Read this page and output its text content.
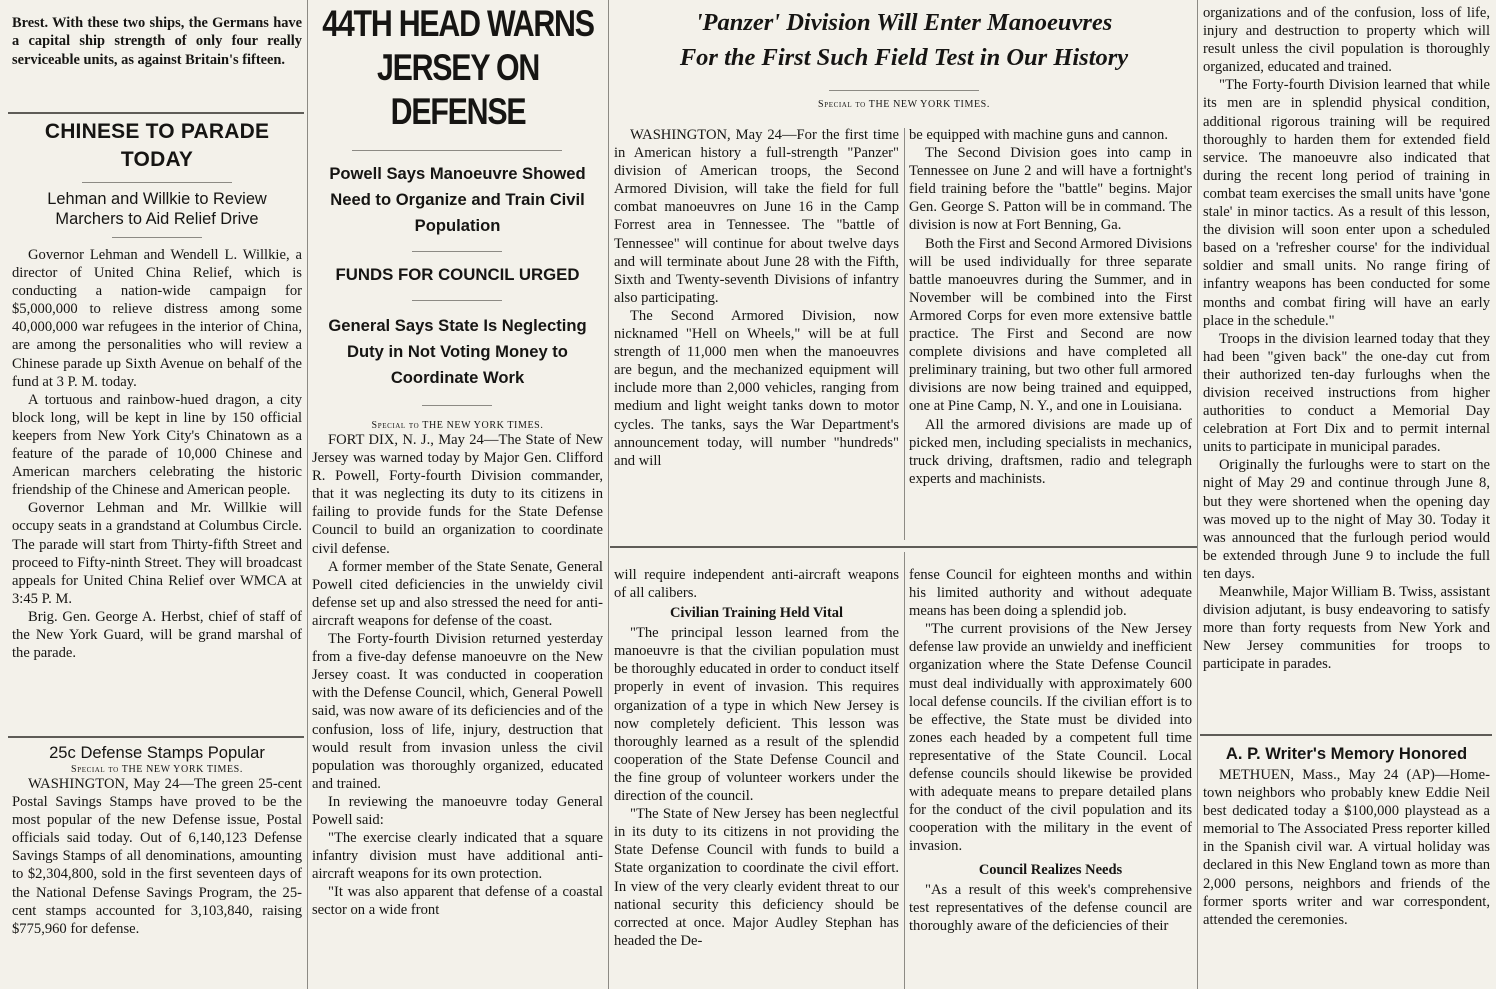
Brest. With these two ships, the Germans have a capital ship strength of only four really serviceable units, as against Britain's fifteen.

CHINESE TO PARADE TODAY
Lehman and Willkie to Review Marchers to Aid Relief Drive

Governor Lehman and Wendell L. Willkie, a director of United China Relief, which is conducting a nation-wide campaign for $5,000,000 to relieve distress among some 40,000,000 war refugees in the interior of China, are among the personalities who will review a Chinese parade up Sixth Avenue on behalf of the fund at 3 P. M. today.

A tortuous and rainbow-hued dragon, a city block long, will be kept in line by 150 official keepers from New York City's Chinatown as a feature of the parade of 10,000 Chinese and American marchers celebrating the historic friendship of the Chinese and American people.

Governor Lehman and Mr. Willkie will occupy seats in a grandstand at Columbus Circle. The parade will start from Thirty-fifth Street and proceed to Fifty-ninth Street. They will broadcast appeals for United China Relief over WMCA at 3:45 P. M.

Brig. Gen. George A. Herbst, chief of staff of the New York Guard, will be grand marshal of the parade.

25c Defense Stamps Popular

Special to THE NEW YORK TIMES.

WASHINGTON, May 24—The green 25-cent Postal Savings Stamps have proved to be the most popular of the new Defense issue, Postal officials said today. Out of 6,140,123 Defense Savings Stamps of all denominations, amounting to $2,304,800, sold in the first seventeen days of the National Defense Savings Program, the 25-cent stamps accounted for 3,103,840, raising $775,960 for defense.

44TH HEAD WARNS JERSEY ON DEFENSE
Powell Says Manoeuvre Showed Need to Organize and Train Civil Population
FUNDS FOR COUNCIL URGED
General Says State Is Neglecting Duty in Not Voting Money to Coordinate Work

Special to THE NEW YORK TIMES.

FORT DIX, N. J., May 24—The State of New Jersey was warned today by Major Gen. Clifford R. Powell, Forty-fourth Division commander, that it was neglecting its duty to its citizens in failing to provide funds for the State Defense Council to build an organization to coordinate civil defense.

A former member of the State Senate, General Powell cited deficiencies in the unwieldy civil defense set up and also stressed the need for anti-aircraft weapons for defense of the coast.

The Forty-fourth Division returned yesterday from a five-day defense manoeuvre on the New Jersey coast. It was conducted in cooperation with the Defense Council, which, General Powell said, was now aware of its deficiencies and of the confusion, loss of life, injury, destruction that would result from invasion unless the civil population was thoroughly organized, educated and trained.

In reviewing the manoeuvre today General Powell said:

"The exercise clearly indicated that a square infantry division must have additional anti-aircraft weapons for its own protection.

"It was also apparent that defense of a coastal sector on a wide front

'Panzer' Division Will Enter Manoeuvres
For the First Such Field Test in Our History

Special to THE NEW YORK TIMES.

WASHINGTON, May 24—For the first time in American history a full-strength "Panzer" division of American troops, the Second Armored Division, will take the field for full combat manoeuvres on June 16 in the Camp Forrest area in Tennessee. The "battle of Tennessee" will continue for about twelve days and will terminate about June 28 with the Fifth, Sixth and Twenty-seventh Divisions of infantry also participating.

The Second Armored Division, now nicknamed "Hell on Wheels," will be at full strength of 11,000 men when the manoeuvres are begun, and the mechanized equipment will include more than 2,000 vehicles, ranging from medium and light weight tanks down to motor cycles. The tanks, says the War Department's announcement today, will number "hundreds" and will

be equipped with machine guns and cannon.

The Second Division goes into camp in Tennessee on June 2 and will have a fortnight's field training before the "battle" begins. Major Gen. George S. Patton will be in command. The division is now at Fort Benning, Ga.

Both the First and Second Armored Divisions will be used individually for three separate battle manoeuvres during the Summer, and in November will be combined into the First Armored Corps for even more extensive battle practice. The First and Second are now complete divisions and have completed all preliminary training, but two other full armored divisions are now being trained and equipped, one at Pine Camp, N. Y., and one in Louisiana.

All the armored divisions are made up of picked men, including specialists in mechanics, truck driving, draftsmen, radio and telegraph experts and machinists.

will require independent anti-aircraft weapons of all calibers.

Civilian Training Held Vital

"The principal lesson learned from the manoeuvre is that the civilian population must be thoroughly educated in order to conduct itself properly in event of invasion. This requires organization of a type in which New Jersey is now completely deficient. This lesson was thoroughly learned as a result of the splendid cooperation of the State Defense Council and the fine group of volunteer workers under the direction of the council.

"The State of New Jersey has been neglectful in its duty to its citizens in not providing the State Defense Council with funds to build a State organization to coordinate the civil effort. In view of the very clearly evident threat to our national security this deficiency should be corrected at once. Major Audley Stephan has headed the De-

fense Council for eighteen months and within his limited authority and without adequate means has been doing a splendid job.

"The current provisions of the New Jersey defense law provide an unwieldy and inefficient organization where the State Defense Council must deal individually with approximately 600 local defense councils. If the civilian effort is to be effective, the State must be divided into zones each headed by a competent full time representative of the State Council. Local defense councils should likewise be provided with adequate means to prepare detailed plans for the conduct of the civil population and its cooperation with the military in the event of invasion.

Council Realizes Needs

"As a result of this week's comprehensive test representatives of the defense council are thoroughly aware of the deficiencies of their

organizations and of the confusion, loss of life, injury and destruction to property which will result unless the civil population is thoroughly organized, educated and trained.

"The Forty-fourth Division learned that while its men are in splendid physical condition, additional rigorous training will be required thoroughly to harden them for extended field service. The manoeuvre also indicated that during the recent long period of training in combat team exercises the small units have 'gone stale' in minor tactics. As a result of this lesson, the division will soon enter upon a scheduled based on a 'refresher course' for the individual soldier and small units. No range firing of infantry weapons has been conducted for some months and combat firing will have an early place in the schedule."

Troops in the division learned today that they had been "given back" the one-day cut from their authorized ten-day furloughs when the division received instructions from higher authorities to conduct a Memorial Day celebration at Fort Dix and to permit internal units to participate in municipal parades.

Originally the furloughs were to start on the night of May 29 and continue through June 8, but they were shortened when the opening day was moved up to the night of May 30. Today it was announced that the furlough period would be extended through June 9 to include the full ten days.

Meanwhile, Major William B. Twiss, assistant division adjutant, is busy endeavoring to satisfy more than forty requests from New York and New Jersey communities for troops to participate in parades.

A. P. Writer's Memory Honored

METHUEN, Mass., May 24 (AP)—Home-town neighbors who probably knew Eddie Neil best dedicated today a $100,000 playstead as a memorial to The Associated Press reporter killed in the Spanish civil war. A virtual holiday was declared in this New England town as more than 2,000 persons, neighbors and friends of the former sports writer and war correspondent, attended the ceremonies.
